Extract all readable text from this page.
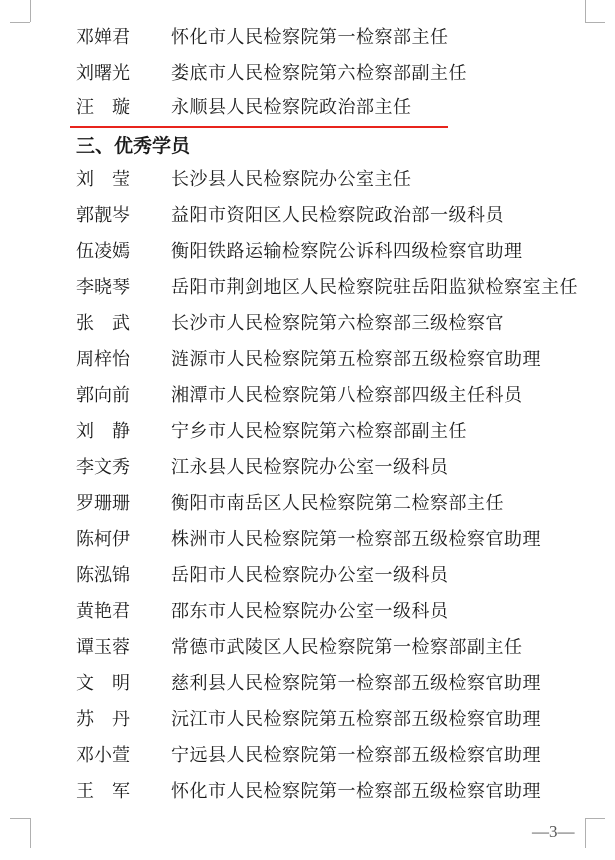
邓婵君 怀化市人民检察院第一检察部主任
刘曙光 娄底市人民检察院第六检察部副主任
汪　璇 永顺县人民检察院政治部主任
三、优秀学员
刘　莹 长沙县人民检察院办公室主任
郭靓岑 益阳市资阳区人民检察院政治部一级科员
伍凌嫣 衡阳铁路运输检察院公诉科四级检察官助理
李晓琴 岳阳市荆剑地区人民检察院驻岳阳监狱检察室主任
张　武 长沙市人民检察院第六检察部三级检察官
周梓怡 涟源市人民检察院第五检察部五级检察官助理
郭向前 湘潭市人民检察院第八检察部四级主任科员
刘　静 宁乡市人民检察院第六检察部副主任
李文秀 江永县人民检察院办公室一级科员
罗珊珊 衡阳市南岳区人民检察院第二检察部主任
陈柯伊 株洲市人民检察院第一检察部五级检察官助理
陈泓锦 岳阳市人民检察院办公室一级科员
黄艳君 邵东市人民检察院办公室一级科员
谭玉蓉 常德市武陵区人民检察院第一检察部副主任
文　明 慈利县人民检察院第一检察部五级检察官助理
苏　丹 沅江市人民检察院第五检察部五级检察官助理
邓小萱 宁远县人民检察院第一检察部五级检察官助理
王　军 怀化市人民检察院第一检察部五级检察官助理
—3—
